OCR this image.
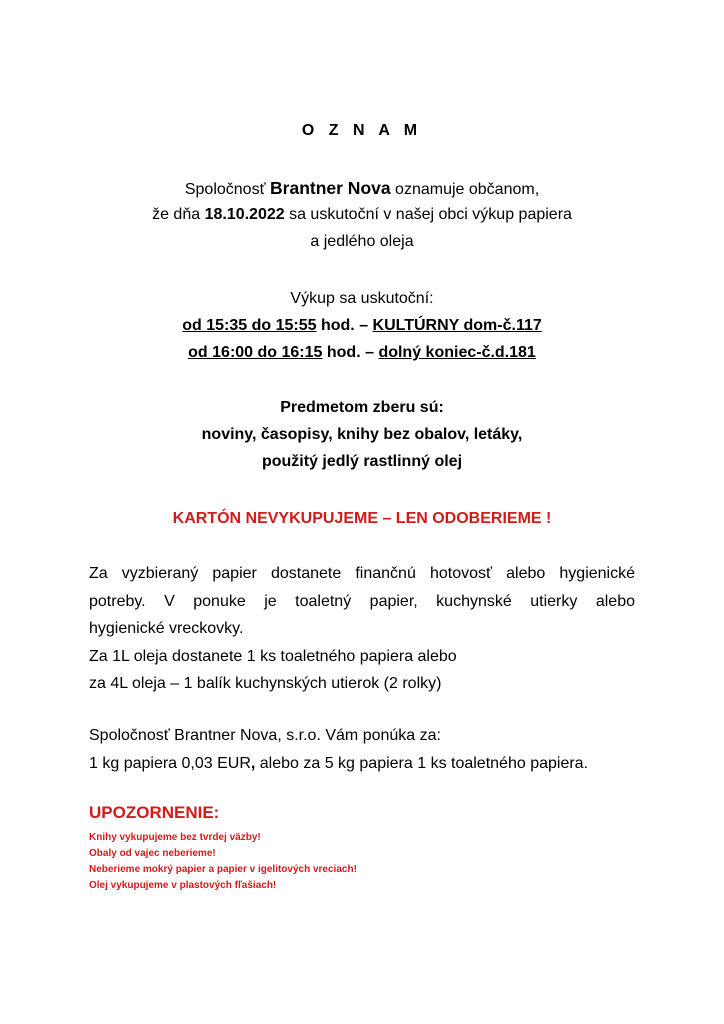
O Z N A M
Spoločnosť Brantner Nova oznamuje občanom,
že dňa 18.10.2022 sa uskutoční v našej obci výkup papiera
a jedlého oleja
Výkup sa uskutoční:
od 15:35 do 15:55 hod. – KULTÚRNY dom-č.117
od 16:00 do 16:15 hod. – dolný koniec-č.d.181
Predmetom zberu sú:
noviny, časopisy, knihy bez obalov, letáky,
použitý jedlý rastlinný olej
KARTÓN NEVYKUPUJEME – LEN ODOBERIEME !
Za vyzbieraný papier dostanete finančnú hotovosť alebo hygienické
potreby. V ponuke je toaletný papier, kuchynské utierky alebo
hygienické vreckovky.
Za 1L oleja dostanete 1 ks toaletného papiera alebo
za 4L oleja – 1 balík kuchynských utierok (2 rolky)
Spoločnosť Brantner Nova, s.r.o. Vám ponúka za:
1 kg papiera 0,03 EUR, alebo za 5 kg papiera 1 ks toaletného papiera.
UPOZORNENIE:
Knihy vykupujeme bez tvrdej väzby!
Obaly od vajec neberieme!
Neberieme mokrý papier a papier v igelitových vreciach!
Olej vykupujeme v plastových fľašiach!
